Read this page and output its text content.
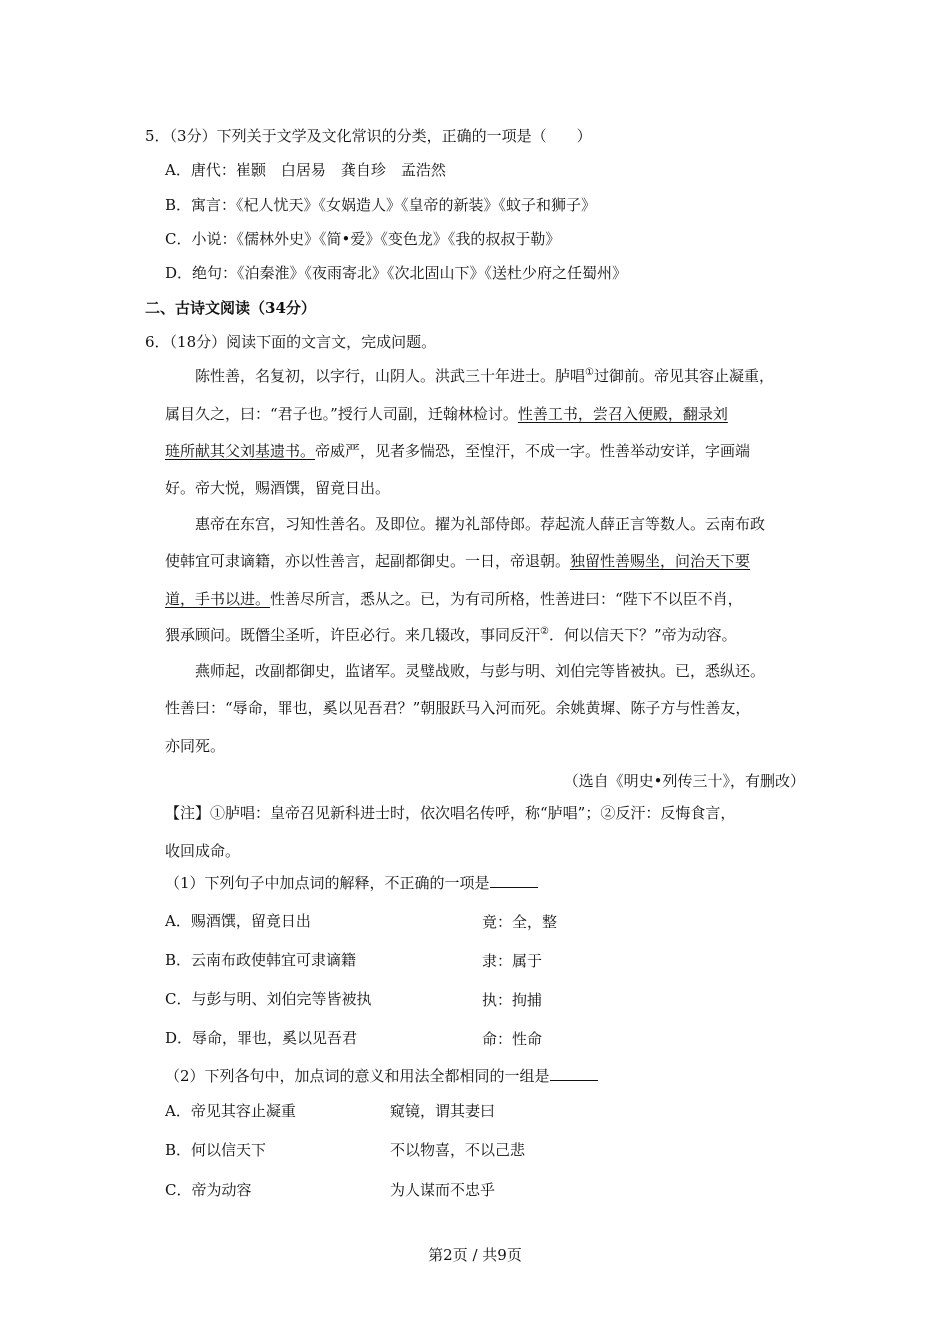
5．（3分）下列关于文学及文化常识的分类，正确的一项是（　　）
A．唐代：崔颢　白居易　龚自珍　孟浩然
B．寓言：《杞人忧天》《女娲造人》《皇帝的新装》《蚊子和狮子》
C．小说：《儒林外史》《简•爱》《变色龙》《我的叔叔于勒》
D．绝句：《泊秦淮》《夜雨寄北》《次北固山下》《送杜少府之任蜀州》
二、古诗文阅读（34分）
6．（18分）阅读下面的文言文，完成问题。
陈性善，名复初，以字行，山阴人。洪武三十年进士。胪唱①过御前。帝见其容止凝重，
属目久之，曰：“君子也。”授行人司副，迁翰林检讨。性善工书，尝召入便殿，翻录刘
琏所献其父刘基遗书。帝威严，见者多惴恐，至惶汗，不成一字。性善举动安详，字画端
好。帝大悦，赐酒馔，留竟日出。
惠帝在东宫，习知性善名。及即位。擢为礼部侍郎。荐起流人薛正言等数人。云南布政
使韩宜可隶谪籍，亦以性善言，起副都御史。一日，帝退朝。独留性善赐坐，问治天下要
道，手书以进。性善尽所言，悉从之。已，为有司所格，性善进曰：“陛下不以臣不肖，
猥承顾问。既僭尘圣听，许臣必行。来几辍改，事同反汗②．何以信天下？”帝为动容。
燕师起，改副都御史，监诸军。灵璧战败，与彭与明、刘伯完等皆被执。已，悉纵还。
性善曰：“辱命，罪也，奚以见吾君？”朝服跃马入河而死。余姚黄墀、陈子方与性善友，
亦同死。
（选自《明史•列传三十》，有删改）
【注】①胪唱：皇帝召见新科进士时，依次唱名传呼，称“胪唱”；②反汗：反悔食言，
收回成命。
（1）下列句子中加点词的解释，不正确的一项是
A．赐酒馔，留竟日出	竟：全，整
B．云南布政使韩宜可隶谪籍	隶：属于
C．与彭与明、刘伯完等皆被执	执：拘捕
D．辱命，罪也，奚以见吾君	命：性命
（2）下列各句中，加点词的意义和用法全都相同的一组是
A．帝见其容止凝重	窥镜，谓其妻曰
B．何以信天下	不以物喜，不以己悲
C．帝为动容	为人谋而不忠乎
第2页 / 共9页
